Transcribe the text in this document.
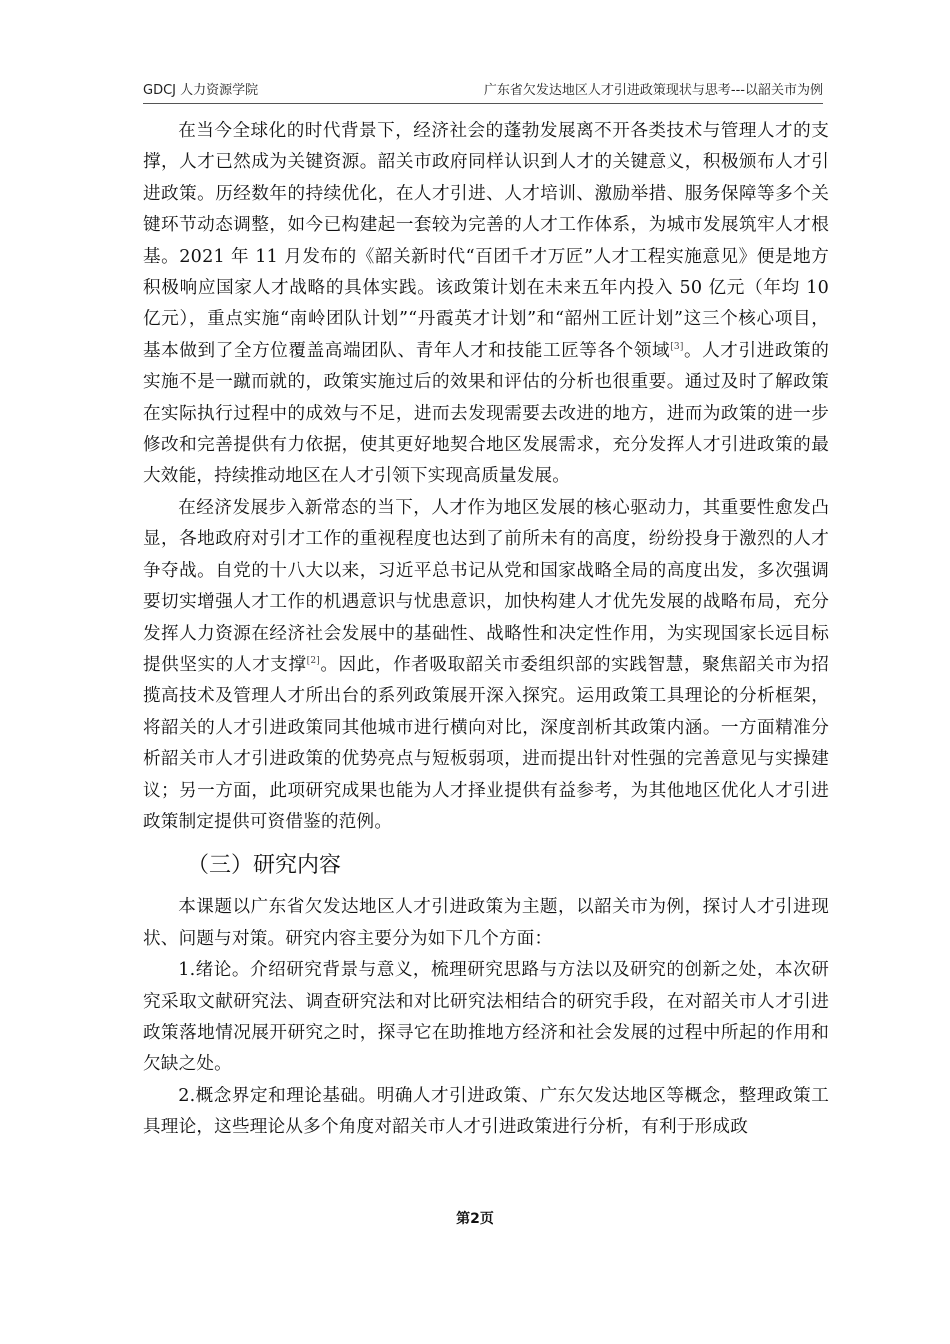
GDCJ 人力资源学院	广东省欠发达地区人才引进政策现状与思考---以韶关市为例

在当今全球化的时代背景下，经济社会的蓬勃发展离不开各类技术与管理人才的支撑，人才已然成为关键资源。韶关市政府同样认识到人才的关键意义，积极颁布人才引进政策。历经数年的持续优化，在人才引进、人才培训、激励举措、服务保障等多个关键环节动态调整，如今已构建起一套较为完善的人才工作体系，为城市发展筑牢人才根基。2021 年 11 月发布的《韶关新时代“百团千才万匠”人才工程实施意见》便是地方积极响应国家人才战略的具体实践。该政策计划在未来五年内投入 50 亿元（年均 10 亿元），重点实施“南岭团队计划”“丹霞英才计划”和“韶州工匠计划”这三个核心项目，基本做到了全方位覆盖高端团队、青年人才和技能工匠等各个领域[3]。人才引进政策的实施不是一蹴而就的，政策实施过后的效果和评估的分析也很重要。通过及时了解政策在实际执行过程中的成效与不足，进而去发现需要去改进的地方，进而为政策的进一步修改和完善提供有力依据，使其更好地契合地区发展需求，充分发挥人才引进政策的最大效能，持续推动地区在人才引领下实现高质量发展。

在经济发展步入新常态的当下，人才作为地区发展的核心驱动力，其重要性愈发凸显，各地政府对引才工作的重视程度也达到了前所未有的高度，纷纷投身于激烈的人才争夺战。自党的十八大以来，习近平总书记从党和国家战略全局的高度出发，多次强调要切实增强人才工作的机遇意识与忧患意识，加快构建人才优先发展的战略布局，充分发挥人力资源在经济社会发展中的基础性、战略性和决定性作用，为实现国家长远目标提供坚实的人才支撑[2]。因此，作者吸取韶关市委组织部的实践智慧，聚焦韶关市为招揽高技术及管理人才所出台的系列政策展开深入探究。运用政策工具理论的分析框架，将韶关的人才引进政策同其他城市进行横向对比，深度剖析其政策内涵。一方面精准分析韶关市人才引进政策的优势亮点与短板弱项，进而提出针对性强的完善意见与实操建议；另一方面，此项研究成果也能为人才择业提供有益参考，为其他地区优化人才引进政策制定提供可资借鉴的范例。

（三）研究内容

本课题以广东省欠发达地区人才引进政策为主题，以韶关市为例，探讨人才引进现状、问题与对策。研究内容主要分为如下几个方面：

1.绪论。介绍研究背景与意义，梳理研究思路与方法以及研究的创新之处，本次研究采取文献研究法、调查研究法和对比研究法相结合的研究手段，在对韶关市人才引进政策落地情况展开研究之时，探寻它在助推地方经济和社会发展的过程中所起的作用和欠缺之处。

2.概念界定和理论基础。明确人才引进政策、广东欠发达地区等概念，整理政策工具理论，这些理论从多个角度对韶关市人才引进政策进行分析，有利于形成政

第2页
